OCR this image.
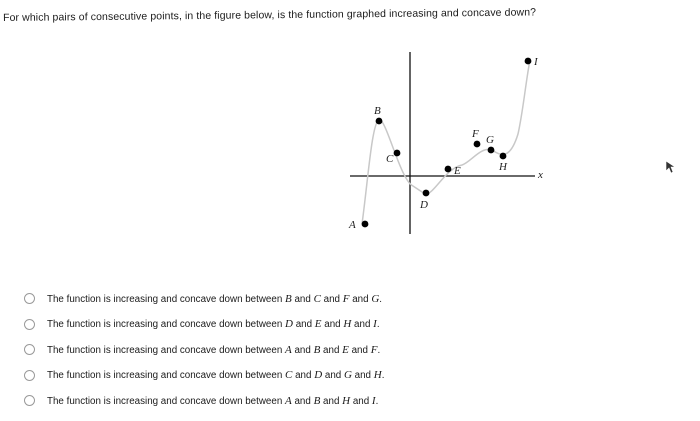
For which pairs of consecutive points, in the figure below, is the function graphed increasing and concave down?
A
B
C
D
E
F G
H
I
x
The function is increasing and concave down between B and C and F and G.
The function is increasing and concave down between D and E and H and I.
The function is increasing and concave down between A and B and E and F.
The function is increasing and concave down between C and D and G and H.
The function is increasing and concave down between A and B and H and I.
